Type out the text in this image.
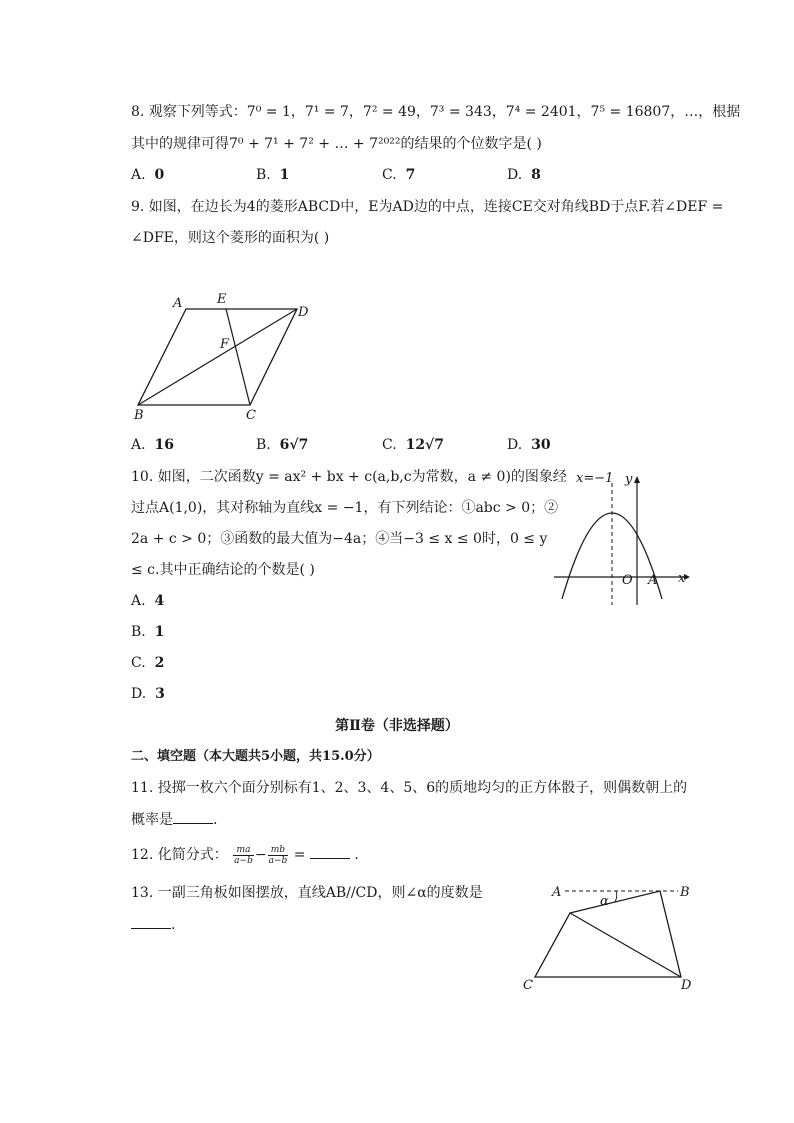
8. 观察下列等式：7⁰ = 1，7¹ = 7，7² = 49，7³ = 343，7⁴ = 2401，7⁵ = 16807，…，根据
其中的规律可得7⁰ + 7¹ + 7² + … + 7²⁰²²的结果的个位数字是( )
A. 0	B. 1	C. 7	D. 8
9. 如图，在边长为4的菱形ABCD中，E为AD边的中点，连接CE交对角线BD于点F.若∠DEF =
∠DFE，则这个菱形的面积为( )
A	E
D
F
B	C
A. 16	B. 6√7	C. 12√7	D. 30
10. 如图，二次函数y = ax² + bx + c(a,b,c为常数，a ≠ 0)的图象经
过点A(1,0)，其对称轴为直线x = −1，有下列结论：①abc > 0；②
2a + c > 0；③函数的最大值为−4a；④当−3 ≤ x ≤ 0时，0 ≤ y
≤ c.其中正确结论的个数是( )
x=−1 y
O A x
A. 4
B. 1
C. 2
D. 3
第Ⅱ卷（非选择题）
二、填空题（本大题共5小题，共15.0分）
11. 投掷一枚六个面分别标有1、2、3、4、5、6的质地均匀的正方体骰子，则偶数朝上的
概率是	.
12. 化简分式： $\frac{ma}{a-b} - \frac{mb}{a-b}$ =	.
13. 一副三角板如图摆放，直线AB//CD，则∠α的度数是
.
A	B
C	D
α
